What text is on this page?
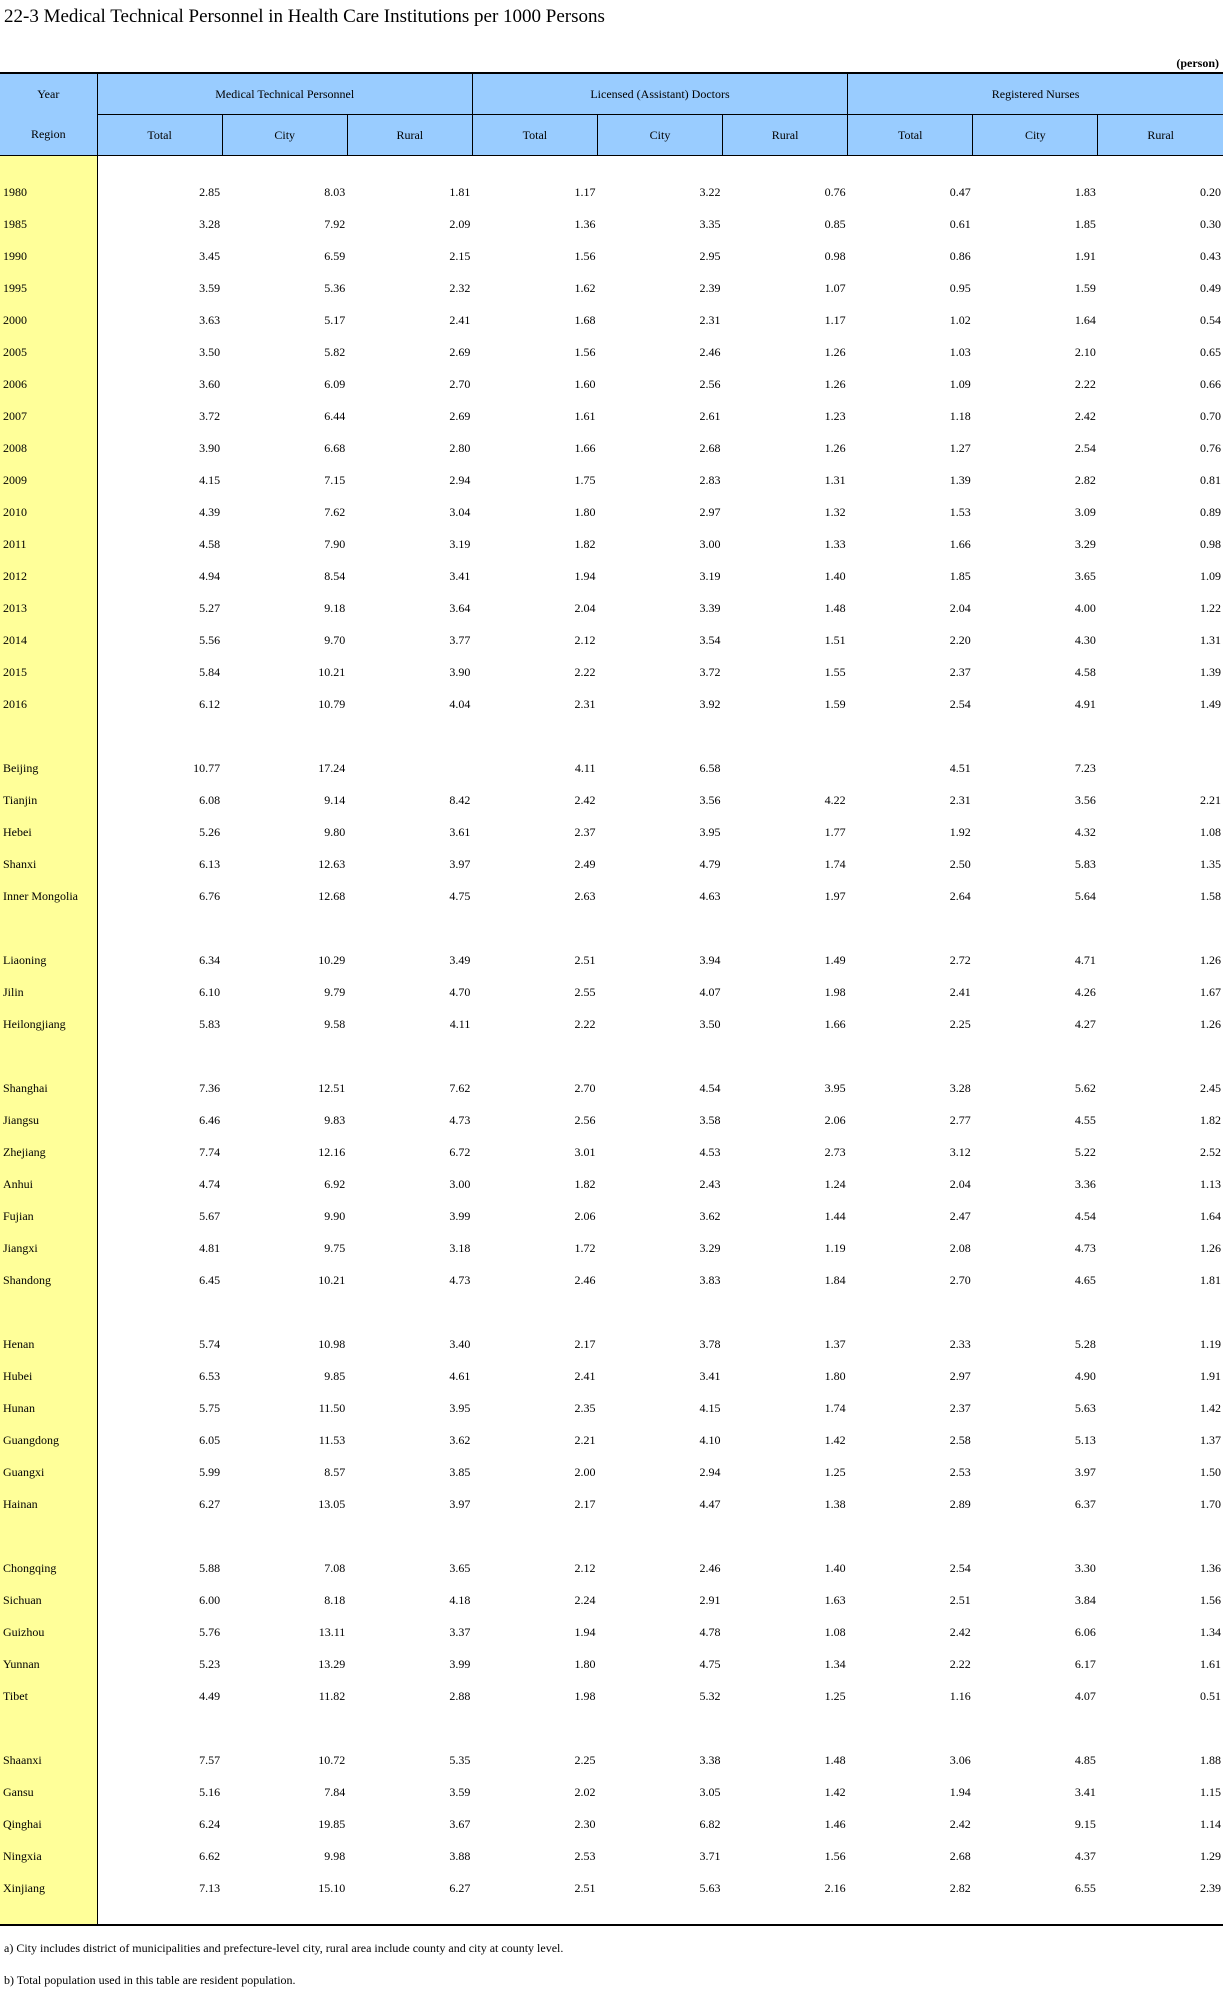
22-3 Medical Technical Personnel in Health Care Institutions per 1000 Persons
(person)
Year	Medical Technical Personnel			Licensed (Assistant) Doctors			Registered Nurses		
Region	Total	City	Rural	Total	City	Rural	Total	City	Rural

1980	2.85	8.03	1.81	1.17	3.22	0.76	0.47	1.83	0.20
1985	3.28	7.92	2.09	1.36	3.35	0.85	0.61	1.85	0.30
1990	3.45	6.59	2.15	1.56	2.95	0.98	0.86	1.91	0.43
1995	3.59	5.36	2.32	1.62	2.39	1.07	0.95	1.59	0.49
2000	3.63	5.17	2.41	1.68	2.31	1.17	1.02	1.64	0.54
2005	3.50	5.82	2.69	1.56	2.46	1.26	1.03	2.10	0.65
2006	3.60	6.09	2.70	1.60	2.56	1.26	1.09	2.22	0.66
2007	3.72	6.44	2.69	1.61	2.61	1.23	1.18	2.42	0.70
2008	3.90	6.68	2.80	1.66	2.68	1.26	1.27	2.54	0.76
2009	4.15	7.15	2.94	1.75	2.83	1.31	1.39	2.82	0.81
2010	4.39	7.62	3.04	1.80	2.97	1.32	1.53	3.09	0.89
2011	4.58	7.90	3.19	1.82	3.00	1.33	1.66	3.29	0.98
2012	4.94	8.54	3.41	1.94	3.19	1.40	1.85	3.65	1.09
2013	5.27	9.18	3.64	2.04	3.39	1.48	2.04	4.00	1.22
2014	5.56	9.70	3.77	2.12	3.54	1.51	2.20	4.30	1.31
2015	5.84	10.21	3.90	2.22	3.72	1.55	2.37	4.58	1.39
2016	6.12	10.79	4.04	2.31	3.92	1.59	2.54	4.91	1.49

Beijing	10.77	17.24		4.11	6.58		4.51	7.23	
Tianjin	6.08	9.14	8.42	2.42	3.56	4.22	2.31	3.56	2.21
Hebei	5.26	9.80	3.61	2.37	3.95	1.77	1.92	4.32	1.08
Shanxi	6.13	12.63	3.97	2.49	4.79	1.74	2.50	5.83	1.35
Inner Mongolia	6.76	12.68	4.75	2.63	4.63	1.97	2.64	5.64	1.58

Liaoning	6.34	10.29	3.49	2.51	3.94	1.49	2.72	4.71	1.26
Jilin	6.10	9.79	4.70	2.55	4.07	1.98	2.41	4.26	1.67
Heilongjiang	5.83	9.58	4.11	2.22	3.50	1.66	2.25	4.27	1.26

Shanghai	7.36	12.51	7.62	2.70	4.54	3.95	3.28	5.62	2.45
Jiangsu	6.46	9.83	4.73	2.56	3.58	2.06	2.77	4.55	1.82
Zhejiang	7.74	12.16	6.72	3.01	4.53	2.73	3.12	5.22	2.52
Anhui	4.74	6.92	3.00	1.82	2.43	1.24	2.04	3.36	1.13
Fujian	5.67	9.90	3.99	2.06	3.62	1.44	2.47	4.54	1.64
Jiangxi	4.81	9.75	3.18	1.72	3.29	1.19	2.08	4.73	1.26
Shandong	6.45	10.21	4.73	2.46	3.83	1.84	2.70	4.65	1.81

Henan	5.74	10.98	3.40	2.17	3.78	1.37	2.33	5.28	1.19
Hubei	6.53	9.85	4.61	2.41	3.41	1.80	2.97	4.90	1.91
Hunan	5.75	11.50	3.95	2.35	4.15	1.74	2.37	5.63	1.42
Guangdong	6.05	11.53	3.62	2.21	4.10	1.42	2.58	5.13	1.37
Guangxi	5.99	8.57	3.85	2.00	2.94	1.25	2.53	3.97	1.50
Hainan	6.27	13.05	3.97	2.17	4.47	1.38	2.89	6.37	1.70

Chongqing	5.88	7.08	3.65	2.12	2.46	1.40	2.54	3.30	1.36
Sichuan	6.00	8.18	4.18	2.24	2.91	1.63	2.51	3.84	1.56
Guizhou	5.76	13.11	3.37	1.94	4.78	1.08	2.42	6.06	1.34
Yunnan	5.23	13.29	3.99	1.80	4.75	1.34	2.22	6.17	1.61
Tibet	4.49	11.82	2.88	1.98	5.32	1.25	1.16	4.07	0.51

Shaanxi	7.57	10.72	5.35	2.25	3.38	1.48	3.06	4.85	1.88
Gansu	5.16	7.84	3.59	2.02	3.05	1.42	1.94	3.41	1.15
Qinghai	6.24	19.85	3.67	2.30	6.82	1.46	2.42	9.15	1.14
Ningxia	6.62	9.98	3.88	2.53	3.71	1.56	2.68	4.37	1.29
Xinjiang	7.13	15.10	6.27	2.51	5.63	2.16	2.82	6.55	2.39

a) City includes district of municipalities and prefecture-level city, rural area include county and city at county level.
b) Total population used in this table are resident population.
